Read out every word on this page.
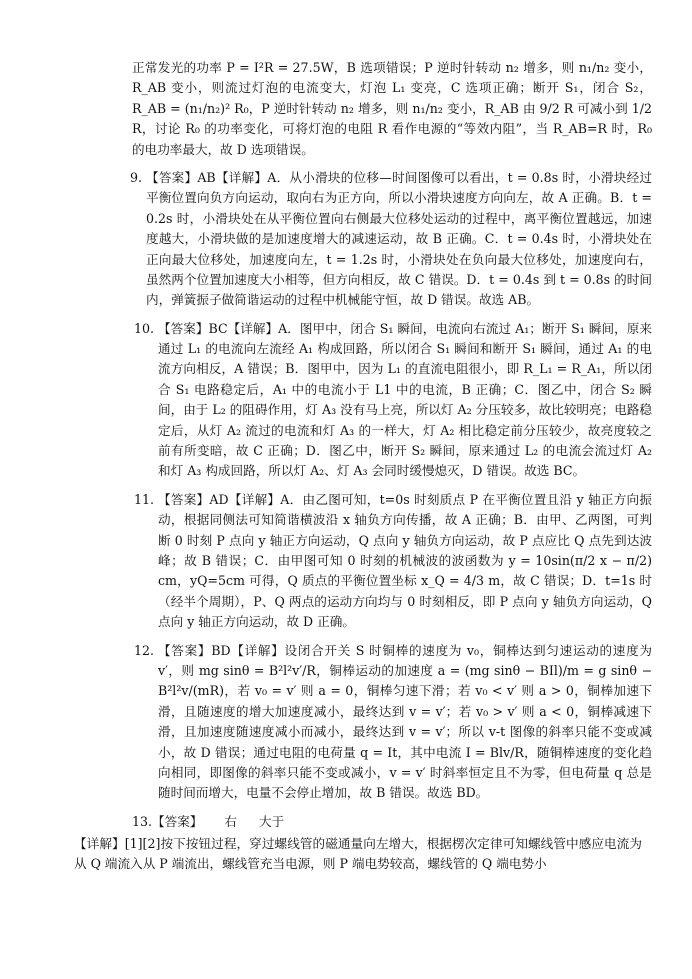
正常发光的功率 P = I²R = 27.5W，B 选项错误；P 逆时针转动 n₂ 增多，则 n₁/n₂ 变小，R_AB 变小，则流过灯泡的电流变大，灯泡 L₁ 变亮，C 选项正确；断开 S₁，闭合 S₂，R_AB = (n₁/n₂)² R₀，P 逆时针转动 n₂ 增多，则 n₁/n₂ 变小，R_AB 由 9/2 R 可减小到 1/2 R，讨论 R₀ 的功率变化，可将灯泡的电阻 R 看作电源的“等效内阻”，当 R_AB=R 时，R₀ 的电功率最大，故 D 选项错误。
9. 【答案】AB【详解】A．从小滑块的位移—时间图像可以看出，t = 0.8s 时，小滑块经过平衡位置向负方向运动，取向右为正方向，所以小滑块速度方向向左，故 A 正确。B．t = 0.2s 时，小滑块处在从平衡位置向右侧最大位移处运动的过程中，离平衡位置越远，加速度越大，小滑块做的是加速度增大的减速运动，故 B 正确。C．t = 0.4s 时，小滑块处在正向最大位移处，加速度向左，t = 1.2s 时，小滑块处在负向最大位移处，加速度向右，虽然两个位置加速度大小相等，但方向相反，故 C 错误。D．t = 0.4s 到 t = 0.8s 的时间内，弹簧振子做简谐运动的过程中机械能守恒，故 D 错误。故选 AB。
10. 【答案】BC【详解】A．图甲中，闭合 S₁ 瞬间，电流向右流过 A₁；断开 S₁ 瞬间，原来通过 L₁ 的电流向左流经 A₁ 构成回路，所以闭合 S₁ 瞬间和断开 S₁ 瞬间，通过 A₁ 的电流方向相反，A 错误；B．图甲中，因为 L₁ 的直流电阻很小，即 R_L₁ = R_A₁，所以闭合 S₁ 电路稳定后，A₁ 中的电流小于 L1 中的电流，B 正确；C．图乙中，闭合 S₂ 瞬间，由于 L₂ 的阻碍作用，灯 A₃ 没有马上亮，所以灯 A₂ 分压较多，故比较明亮；电路稳定后，从灯 A₂ 流过的电流和灯 A₃ 的一样大，灯 A₂ 相比稳定前分压较少，故亮度较之前有所变暗，故 C 正确；D．图乙中，断开 S₂ 瞬间，原来通过 L₂ 的电流会流过灯 A₂ 和灯 A₃ 构成回路，所以灯 A₂、灯 A₃ 会同时缓慢熄灭，D 错误。故选 BC。
11. 【答案】AD【详解】A．由乙图可知，t=0s 时刻质点 P 在平衡位置且沿 y 轴正方向振动，根据同侧法可知简谐横波沿 x 轴负方向传播，故 A 正确；B．由甲、乙两图，可判断 0 时刻 P 点向 y 轴正方向运动，Q 点向 y 轴负方向运动，故 P 点应比 Q 点先到达波峰；故 B 错误；C．由甲图可知 0 时刻的机械波的波函数为 y = 10sin(π/2 x − π/2) cm，yQ=5cm 可得，Q 质点的平衡位置坐标 x_Q = 4/3 m，故 C 错误；D．t=1s 时（经半个周期），P、Q 两点的运动方向均与 0 时刻相反，即 P 点向 y 轴负方向运动，Q 点向 y 轴正方向运动，故 D 正确。
12. 【答案】BD【详解】设闭合开关 S 时铜棒的速度为 v₀，铜棒达到匀速运动的速度为 v′，则 mg sinθ = B²l²v′/R，铜棒运动的加速度 a = (mg sinθ − BIl)/m = g sinθ − B²l²v/(mR)，若 v₀ = v′ 则 a = 0，铜棒匀速下滑；若 v₀ < v′ 则 a > 0，铜棒加速下滑，且随速度的增大加速度减小，最终达到 v = v′；若 v₀ > v′ 则 a < 0，铜棒减速下滑，且加速度随速度减小而减小，最终达到 v = v′；所以 v-t 图像的斜率只能不变或减小，故 D 错误；通过电阻的电荷量 q = It，其中电流 I = Blv/R，随铜棒速度的变化趋向相同，即图像的斜率只能不变或减小，v = v′ 时斜率恒定且不为零，但电荷量 q 总是随时间而增大，电量不会停止增加，故 B 错误。故选 BD。
13.【答案】 右 大于
【详解】[1][2]按下按钮过程，穿过螺线管的磁通量向左增大，根据楞次定律可知螺线管中感应电流为从 Q 端流入从 P 端流出，螺线管充当电源，则 P 端电势较高，螺线管的 Q 端电势小
